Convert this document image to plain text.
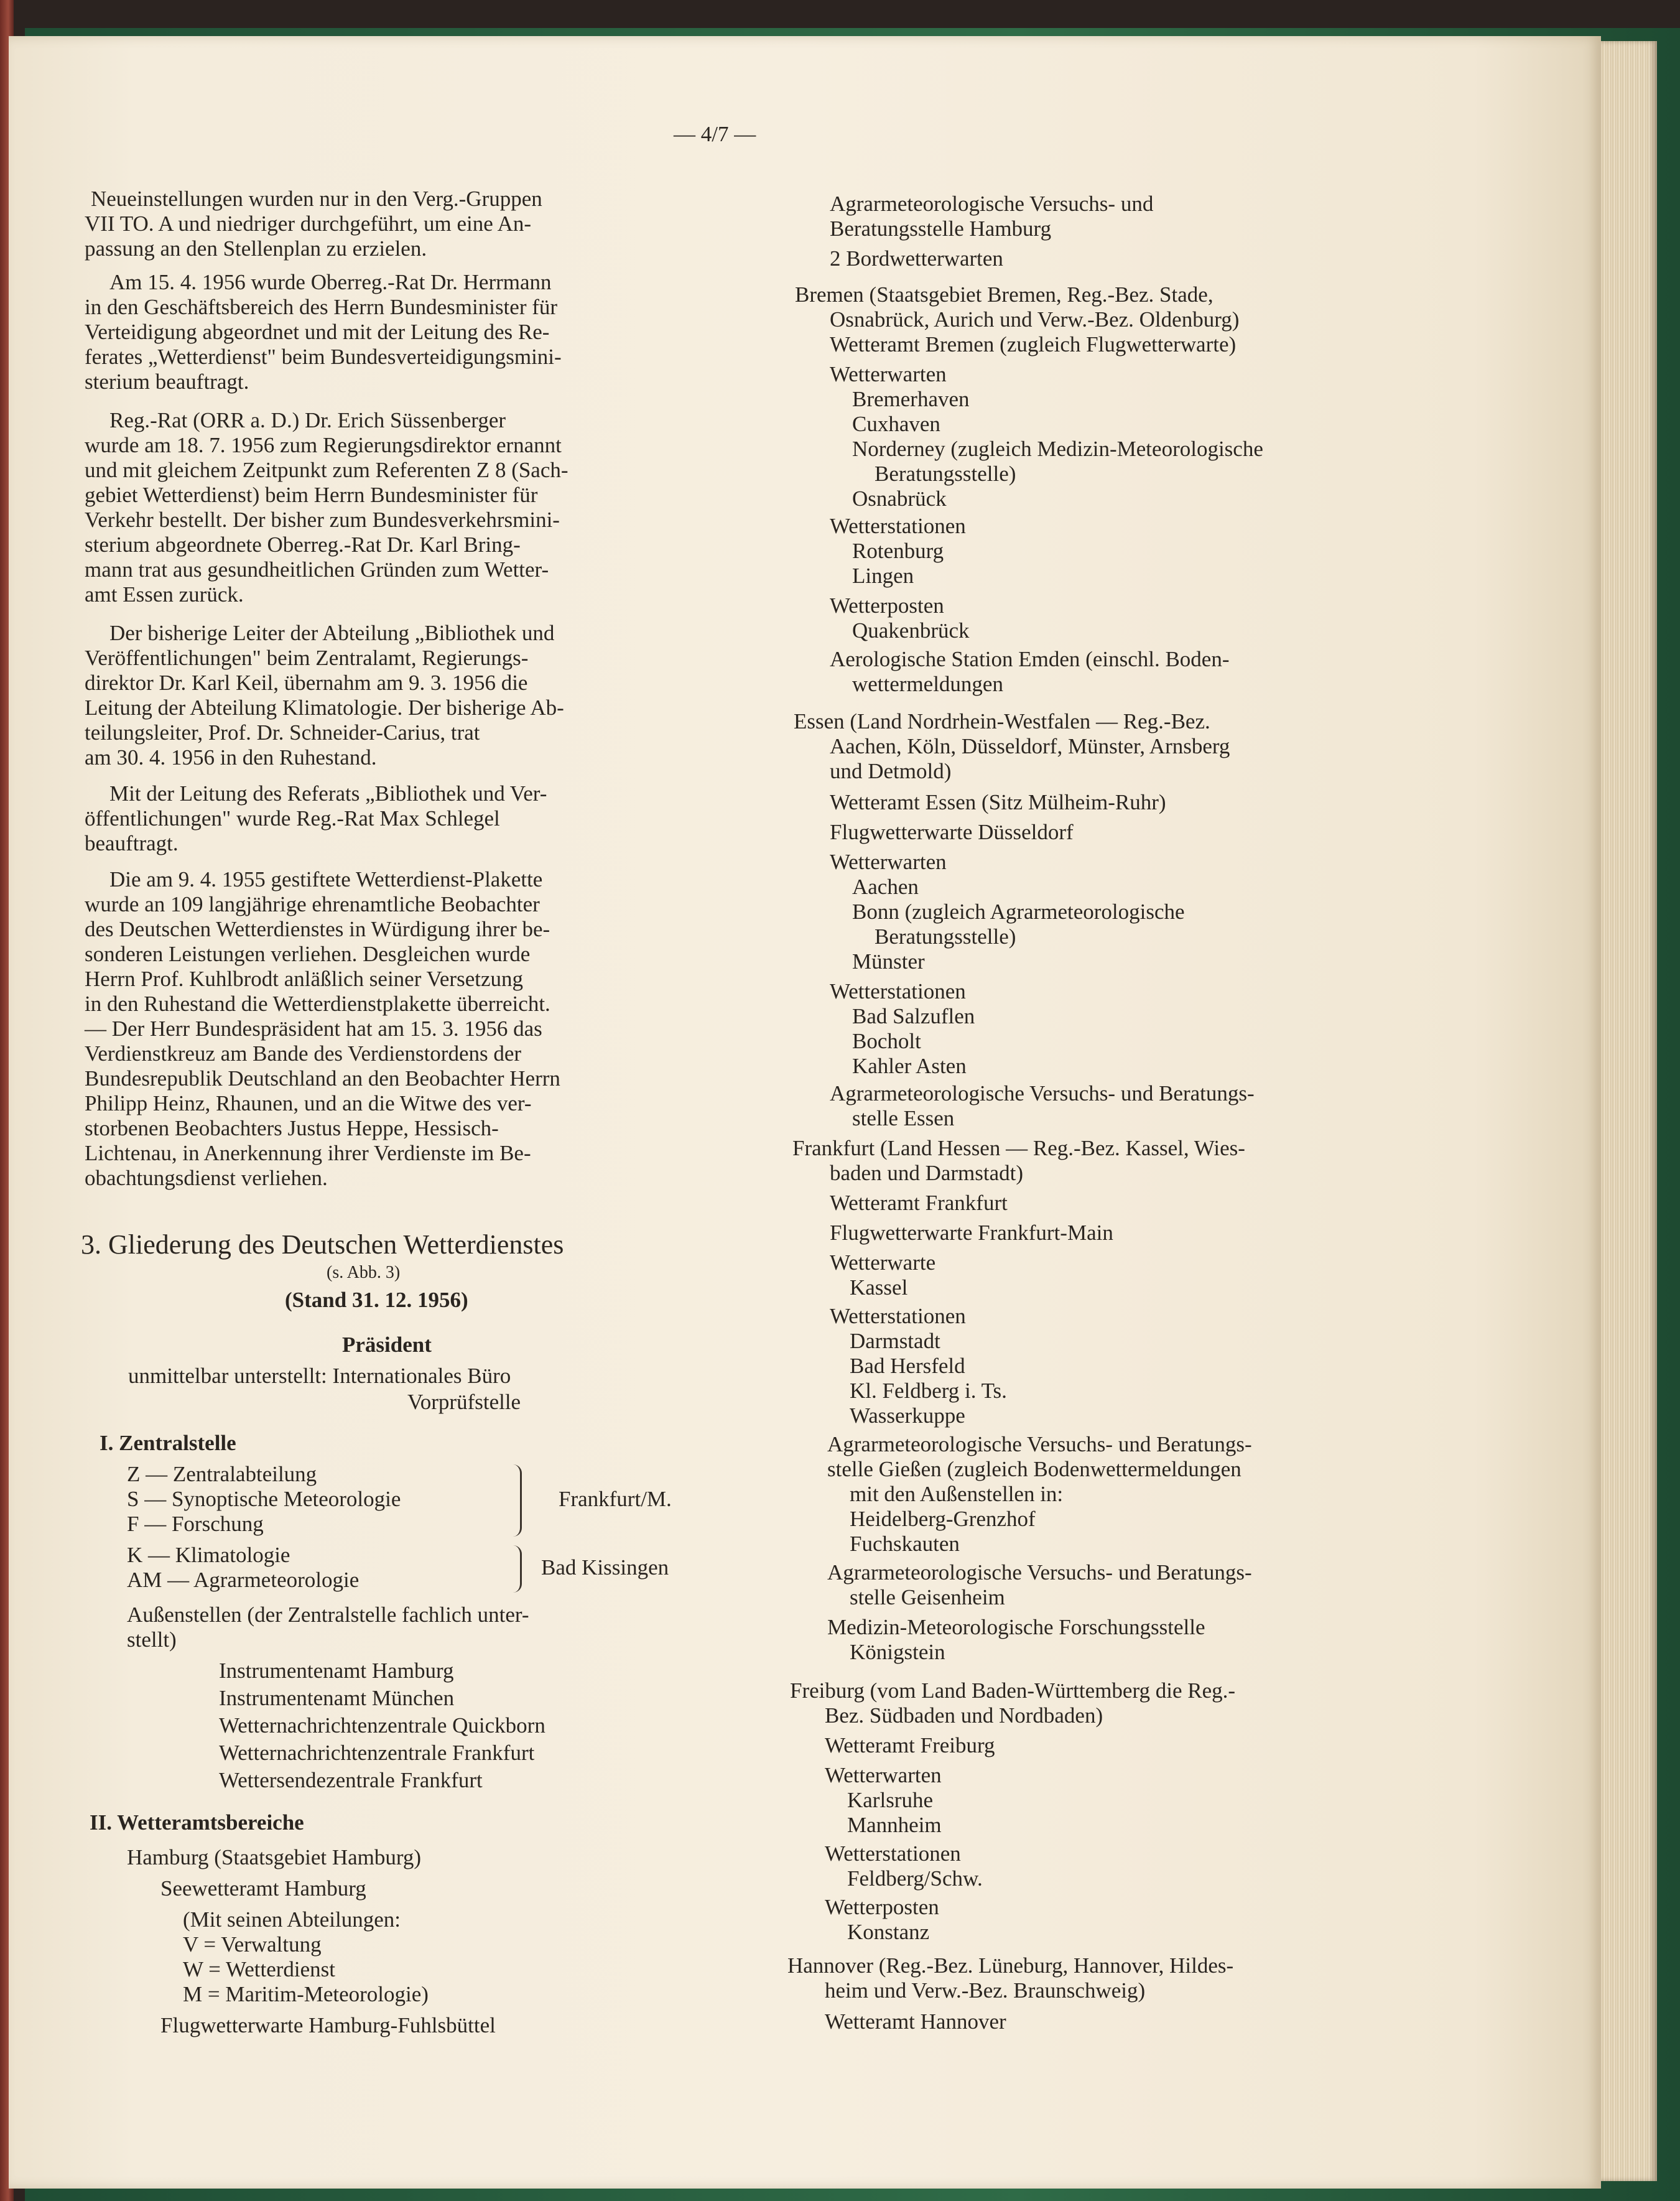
— 4/7 —
Neueinstellungen wurden nur in den Verg.-Gruppen
VII TO. A und niedriger durchgeführt, um eine An-
passung an den Stellenplan zu erzielen.
Am 15. 4. 1956 wurde Oberreg.-Rat Dr. Herrmann
in den Geschäftsbereich des Herrn Bundesminister für
Verteidigung abgeordnet und mit der Leitung des Re-
ferates „Wetterdienst" beim Bundesverteidigungsmini-
sterium beauftragt.
Reg.-Rat (ORR a. D.) Dr. Erich Süssenberger
wurde am 18. 7. 1956 zum Regierungsdirektor ernannt
und mit gleichem Zeitpunkt zum Referenten Z 8 (Sach-
gebiet Wetterdienst) beim Herrn Bundesminister für
Verkehr bestellt. Der bisher zum Bundesverkehrsmini-
sterium abgeordnete Oberreg.-Rat Dr. Karl Bring-
mann trat aus gesundheitlichen Gründen zum Wetter-
amt Essen zurück.
Der bisherige Leiter der Abteilung „Bibliothek und
Veröffentlichungen" beim Zentralamt, Regierungs-
direktor Dr. Karl Keil, übernahm am 9. 3. 1956 die
Leitung der Abteilung Klimatologie. Der bisherige Ab-
teilungsleiter, Prof. Dr. Schneider-Carius, trat
am 30. 4. 1956 in den Ruhestand.
Mit der Leitung des Referats „Bibliothek und Ver-
öffentlichungen" wurde Reg.-Rat Max Schlegel
beauftragt.
Die am 9. 4. 1955 gestiftete Wetterdienst-Plakette
wurde an 109 langjährige ehrenamtliche Beobachter
des Deutschen Wetterdienstes in Würdigung ihrer be-
sonderen Leistungen verliehen. Desgleichen wurde
Herrn Prof. Kuhlbrodt anläßlich seiner Versetzung
in den Ruhestand die Wetterdienstplakette überreicht.
— Der Herr Bundespräsident hat am 15. 3. 1956 das
Verdienstkreuz am Bande des Verdienstordens der
Bundesrepublik Deutschland an den Beobachter Herrn
Philipp Heinz, Rhaunen, und an die Witwe des ver-
storbenen Beobachters Justus Heppe, Hessisch-
Lichtenau, in Anerkennung ihrer Verdienste im Be-
obachtungsdienst verliehen.
3. Gliederung des Deutschen Wetterdienstes
(s. Abb. 3)
(Stand 31. 12. 1956)
Präsident
unmittelbar unterstellt: Internationales Büro
Vorprüfstelle
I. Zentralstelle
Z — Zentralabteilung
S — Synoptische Meteorologie
F — Forschung
Frankfurt/M.
K — Klimatologie
AM — Agrarmeteorologie
Bad Kissingen
Außenstellen (der Zentralstelle fachlich unter-
stellt)
Instrumentenamt Hamburg
Instrumentenamt München
Wetternachrichtenzentrale Quickborn
Wetternachrichtenzentrale Frankfurt
Wettersendezentrale Frankfurt
II. Wetteramtsbereiche
Hamburg (Staatsgebiet Hamburg)
Seewetteramt Hamburg
(Mit seinen Abteilungen:
V = Verwaltung
W = Wetterdienst
M = Maritim-Meteorologie)
Flugwetterwarte Hamburg-Fuhlsbüttel
Agrarmeteorologische Versuchs- und
Beratungsstelle Hamburg
2 Bordwetterwarten
Bremen (Staatsgebiet Bremen, Reg.-Bez. Stade,
Osnabrück, Aurich und Verw.-Bez. Oldenburg)
Wetteramt Bremen (zugleich Flugwetterwarte)
Wetterwarten
Bremerhaven
Cuxhaven
Norderney (zugleich Medizin-Meteorologische
Beratungsstelle)
Osnabrück
Wetterstationen
Rotenburg
Lingen
Wetterposten
Quakenbrück
Aerologische Station Emden (einschl. Boden-
wettermeldungen
Essen (Land Nordrhein-Westfalen — Reg.-Bez.
Aachen, Köln, Düsseldorf, Münster, Arnsberg
und Detmold)
Wetteramt Essen (Sitz Mülheim-Ruhr)
Flugwetterwarte Düsseldorf
Wetterwarten
Aachen
Bonn (zugleich Agrarmeteorologische
Beratungsstelle)
Münster
Wetterstationen
Bad Salzuflen
Bocholt
Kahler Asten
Agrarmeteorologische Versuchs- und Beratungs-
stelle Essen
Frankfurt (Land Hessen — Reg.-Bez. Kassel, Wies-
baden und Darmstadt)
Wetteramt Frankfurt
Flugwetterwarte Frankfurt-Main
Wetterwarte
Kassel
Wetterstationen
Darmstadt
Bad Hersfeld
Kl. Feldberg i. Ts.
Wasserkuppe
Agrarmeteorologische Versuchs- und Beratungs-
stelle Gießen (zugleich Bodenwettermeldungen
mit den Außenstellen in:
Heidelberg-Grenzhof
Fuchskauten
Agrarmeteorologische Versuchs- und Beratungs-
stelle Geisenheim
Medizin-Meteorologische Forschungsstelle
Königstein
Freiburg (vom Land Baden-Württemberg die Reg.-
Bez. Südbaden und Nordbaden)
Wetteramt Freiburg
Wetterwarten
Karlsruhe
Mannheim
Wetterstationen
Feldberg/Schw.
Wetterposten
Konstanz
Hannover (Reg.-Bez. Lüneburg, Hannover, Hildes-
heim und Verw.-Bez. Braunschweig)
Wetteramt Hannover
